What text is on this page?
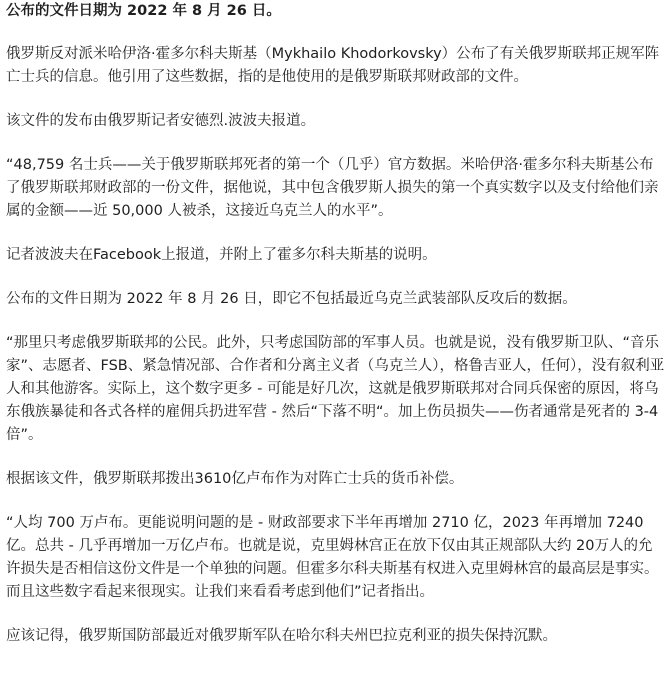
公布的文件日期为 2022 年 8 月 26 日。

俄罗斯反对派米哈伊洛·霍多尔科夫斯基（Mykhailo Khodorkovsky）公布了有关俄罗斯联邦正规军阵亡士兵的信息。他引用了这些数据，指的是他使用的是俄罗斯联邦财政部的文件。

该文件的发布由俄罗斯记者安德烈.波波夫报道。

“48,759 名士兵——关于俄罗斯联邦死者的第一个（几乎）官方数据。米哈伊洛·霍多尔科夫斯基公布了俄罗斯联邦财政部的一份文件，据他说，其中包含俄罗斯人损失的第一个真实数字以及支付给他们亲属的金额——近 50,000 人被杀，这接近乌克兰人的水平”。

记者波波夫在Facebook上报道，并附上了霍多尔科夫斯基的说明。

公布的文件日期为 2022 年 8 月 26 日，即它不包括最近乌克兰武装部队反攻后的数据。

“那里只考虑俄罗斯联邦的公民。此外，只考虑国防部的军事人员。也就是说，没有俄罗斯卫队、“音乐家”、志愿者、FSB、紧急情况部、合作者和分离主义者（乌克兰人），格鲁吉亚人，任何），没有叙利亚人和其他游客。实际上，这个数字更多 - 可能是好几次，这就是俄罗斯联邦对合同兵保密的原因，将乌东俄族暴徒和各式各样的雇佣兵扔进军营 - 然后“下落不明“。加上伤员损失——伤者通常是死者的 3-4 倍”。

根据该文件，俄罗斯联邦拨出3610亿卢布作为对阵亡士兵的货币补偿。

“人均 700 万卢布。更能说明问题的是 - 财政部要求下半年再增加 2710 亿，2023 年再增加 7240 亿。总共 - 几乎再增加一万亿卢布。也就是说，克里姆林宫正在放下仅由其正规部队大约 20万人的允许损失是否相信这份文件是一个单独的问题。但霍多尔科夫斯基有权进入克里姆林宫的最高层是事实。而且这些数字看起来很现实。让我们来看看考虑到他们”记者指出。

应该记得，俄罗斯国防部最近对俄罗斯军队在哈尔科夫州巴拉克利亚的损失保持沉默。
